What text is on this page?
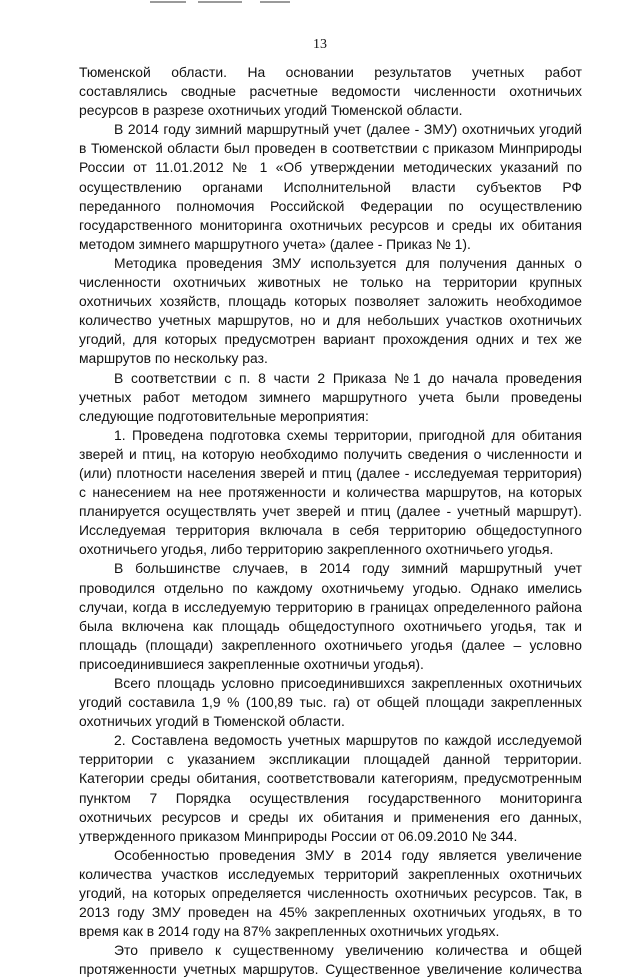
13

Тюменской области. На основании результатов учетных работ
составлялись сводные расчетные ведомости численности охотничьих
ресурсов в разрезе охотничьих угодий Тюменской области.

В 2014 году зимний маршрутный учет (далее - ЗМУ) охотничьих угодий
в Тюменской области был проведен в соответствии с приказом Минприроды
России от 11.01.2012 № 1 «Об утверждении методических указаний по
осуществлению органами Исполнительной власти субъектов РФ
переданного полномочия Российской Федерации по осуществлению
государственного мониторинга охотничьих ресурсов и среды их обитания
методом зимнего маршрутного учета» (далее - Приказ № 1).

Методика проведения ЗМУ используется для получения данных о
численности охотничьих животных не только на территории крупных
охотничьих хозяйств, площадь которых позволяет заложить необходимое
количество учетных маршрутов, но и для небольших участков охотничьих
угодий, для которых предусмотрен вариант прохождения одних и тех же
маршрутов по нескольку раз.

В соответствии с п. 8 части 2 Приказа №1 до начала проведения
учетных работ методом зимнего маршрутного учета были проведены
следующие подготовительные мероприятия:

1. Проведена подготовка схемы территории, пригодной для обитания
зверей и птиц, на которую необходимо получить сведения о численности и
(или) плотности населения зверей и птиц (далее - исследуемая территория)
с нанесением на нее протяженности и количества маршрутов, на которых
планируется осуществлять учет зверей и птиц (далее - учетный маршрут).
Исследуемая территория включала в себя территорию общедоступного
охотничьего угодья, либо территорию закрепленного охотничьего угодья.

В большинстве случаев, в 2014 году зимний маршрутный учет
проводился отдельно по каждому охотничьему угодью. Однако имелись
случаи, когда в исследуемую территорию в границах определенного района
была включена как площадь общедоступного охотничьего угодья, так и
площадь (площади) закрепленного охотничьего угодья (далее – условно
присоединившиеся закрепленные охотничьи угодья).

Всего площадь условно присоединившихся закрепленных охотничьих
угодий составила 1,9 % (100,89 тыс. га) от общей площади закрепленных
охотничьих угодий в Тюменской области.

2. Составлена ведомость учетных маршрутов по каждой исследуемой
территории с указанием экспликации площадей данной территории.
Категории среды обитания, соответствовали категориям, предусмотренным
пунктом 7 Порядка осуществления государственного мониторинга
охотничьих ресурсов и среды их обитания и применения его данных,
утвержденного приказом Минприроды России от 06.09.2010 № 344.

Особенностью проведения ЗМУ в 2014 году является увеличение
количества участков исследуемых территорий закрепленных охотничьих
угодий, на которых определяется численность охотничьих ресурсов. Так, в
2013 году ЗМУ проведен на 45% закрепленных охотничьих угодьях, в то
время как в 2014 году на 87% закрепленных охотничьих угодьях.

Это привело к существенному увеличению количества и общей
протяженности учетных маршрутов. Существенное увеличение количества
